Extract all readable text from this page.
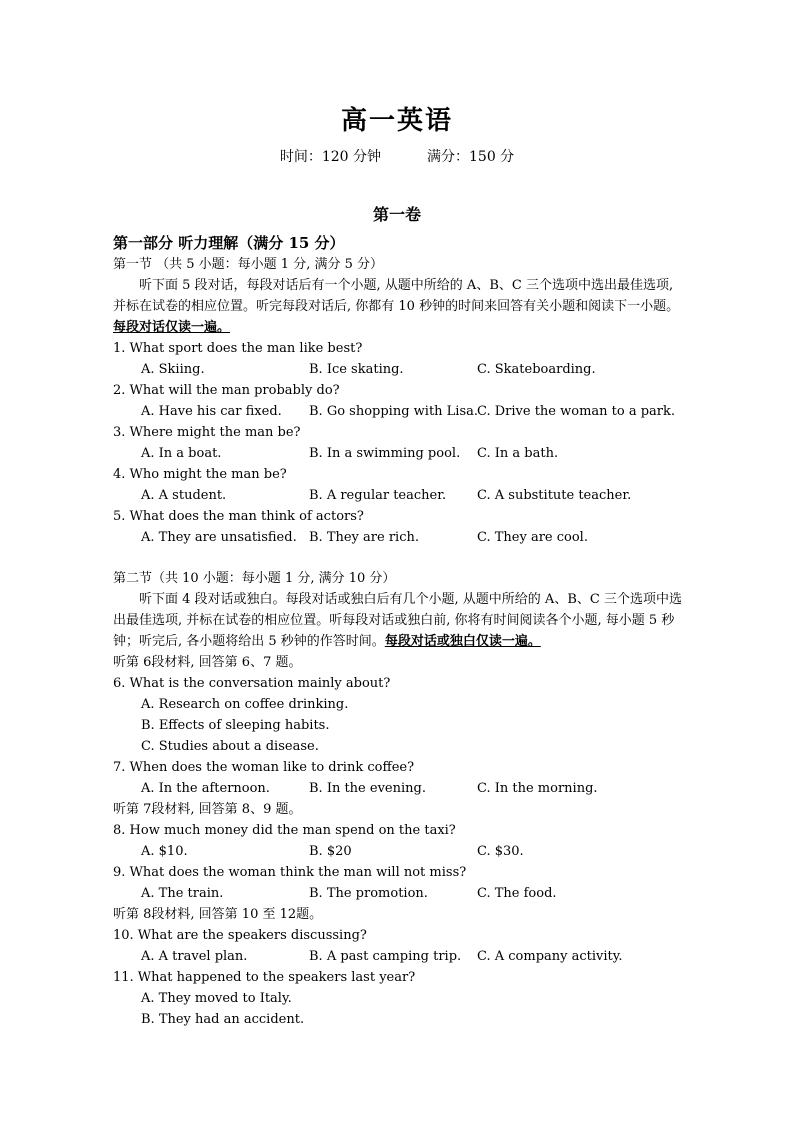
高一英语
时间：120 分钟	满分：150 分
第一卷
第一部分 听力理解（满分 15 分）
第一节 （共 5 小题：每小题 1 分, 满分 5 分）
听下面 5 段对话，每段对话后有一个小题, 从题中所给的 A、B、C 三个选项中选出最佳选项, 并标在试卷的相应位置。听完每段对话后, 你都有 10 秒钟的时间来回答有关小题和阅读下一小题。每段对话仅读一遍。
1. What sport does the man like best?
A. Skiing.	B. Ice skating.	C. Skateboarding.
2. What will the man probably do?
A. Have his car fixed.	B. Go shopping with Lisa.
C. Drive the woman to a park.
3. Where might the man be?
A. In a boat.	B. In a swimming pool.	C. In a bath.
4. Who might the man be?
A. A student.	B. A regular teacher.	C. A substitute teacher.
5. What does the man think of actors?
A. They are unsatisfied. B. They are rich.	C. They are cool.
第二节（共 10 小题：每小题 1 分, 满分 10 分）
听下面 4 段对话或独白。每段对话或独白后有几个小题, 从题中所给的 A、B、C 三个选项中选出最佳选项, 并标在试卷的相应位置。听每段对话或独白前, 你将有时间阅读各个小题, 每小题 5 秒钟；听完后, 各小题将给出 5 秒钟的作答时间。每段对话或独白仅读一遍。
听第 6段材料, 回答第 6、7 题。
6. What is the conversation mainly about?
A. Research on coffee drinking.
B. Effects of sleeping habits.
C. Studies about a disease.
7. When does the woman like to drink coffee?
A. In the afternoon.	B. In the evening.	C. In the morning.
听第 7段材料, 回答第 8、9 题。
8. How much money did the man spend on the taxi?
A. $10.	B. $20	C. $30.
9. What does the woman think the man will not miss?
A. The train.	B. The promotion.	C. The food.
听第 8段材料, 回答第 10 至 12题。
10. What are the speakers discussing?
A. A travel plan.	B. A past camping trip.	C. A company activity.
11. What happened to the speakers last year?
A. They moved to Italy.
B. They had an accident.
